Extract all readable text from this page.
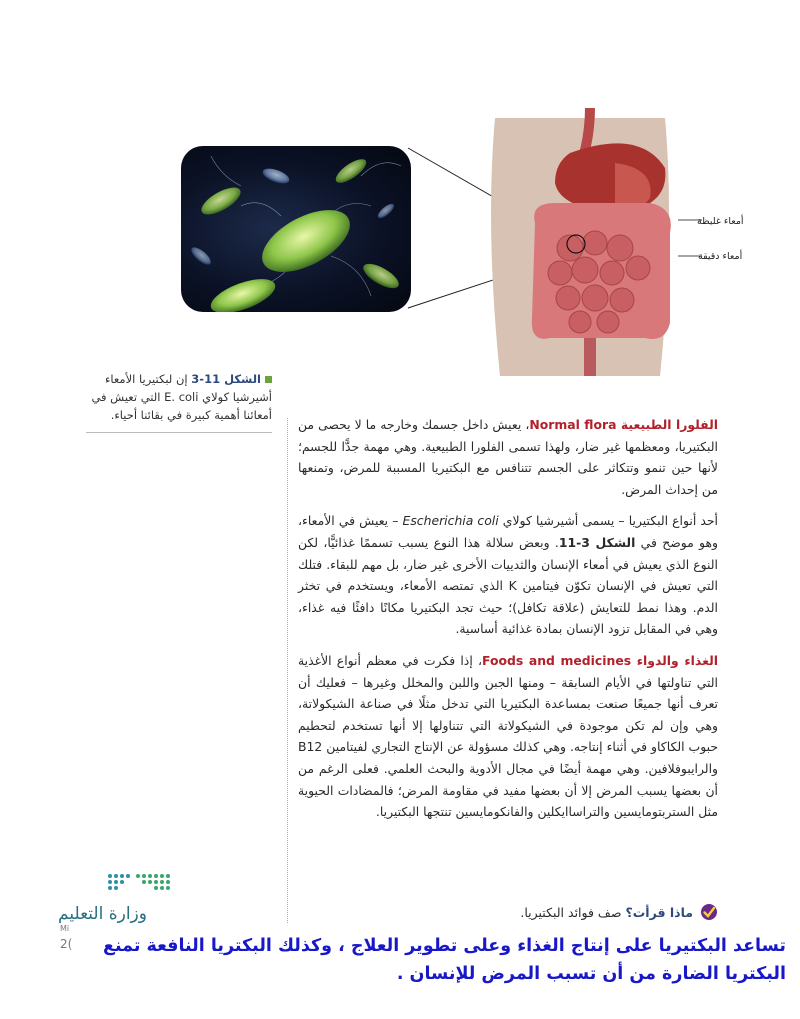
أمعاء غليظة
أمعاء دقيقة
الشكل 11-3 إن لبكتيريا الأمعاء
أشيرشيا كولاي E. coli التي تعيش في
أمعائنا أهمية كبيرة في بقائنا أحياء.

الفلورا الطبيعية Normal flora، يعيش داخل جسمك وخارجه ما لا يحصى من البكتيريا، ومعظمها غير ضار، ولهذا تسمى الفلورا الطبيعية. وهي مهمة جدًّا للجسم؛ لأنها حين تنمو وتتكاثر على الجسم تتنافس مع البكتيريا المسببة للمرض، وتمنعها من إحداث المرض.

أحد أنواع البكتيريا – يسمى أشيرشيا كولاي Escherichia coli – يعيش في الأمعاء، وهو موضح في الشكل 3-11. وبعض سلالة هذا النوع يسبب تسممًا غذائيًّا، لكن النوع الذي يعيش في أمعاء الإنسان والثدييات الأخرى غير ضار، بل مهم للبقاء. فتلك التي تعيش في الإنسان تكوّن فيتامين K الذي تمتصه الأمعاء، ويستخدم في تخثر الدم. وهذا نمط للتعايش (علاقة تكافل)؛ حيث تجد البكتيريا مكانًا دافئًا فيه غذاء، وهي في المقابل تزود الإنسان بمادة غذائية أساسية.

الغذاء والدواء Foods and medicines، إذا فكرت في معظم أنواع الأغذية التي تناولتها في الأيام السابقة – ومنها الجبن واللبن والمخلل وغيرها – فعليك أن تعرف أنها جميعًا صنعت بمساعدة البكتيريا التي تدخل مثلًا في صناعة الشيكولاتة، وهي وإن لم تكن موجودة في الشيكولاتة التي تتناولها إلا أنها تستخدم لتحطيم حبوب الكاكاو في أثناء إنتاجه. وهي كذلك مسؤولة عن الإنتاج التجاري لفيتامين B12 والرايبوفلافين. وهي مهمة أيضًا في مجال الأدوية والبحث العلمي. فعلى الرغم من أن بعضها يسبب المرض إلا أن بعضها مفيد في مقاومة المرض؛ فالمضادات الحيوية مثل الستربتومايسين والتراساايكلين والفانكومايسين تنتجها البكتيريا.

ماذا قرأت؟ صف فوائد البكتيريا.
وزارة التعليم
Mi
2(	تساعد البكتيريا على إنتاج الغذاء وعلى تطوير العلاج ، وكذلك البكتريا النافعة تمنع البكتريا الضارة من أن تسبب المرض للإنسان .
